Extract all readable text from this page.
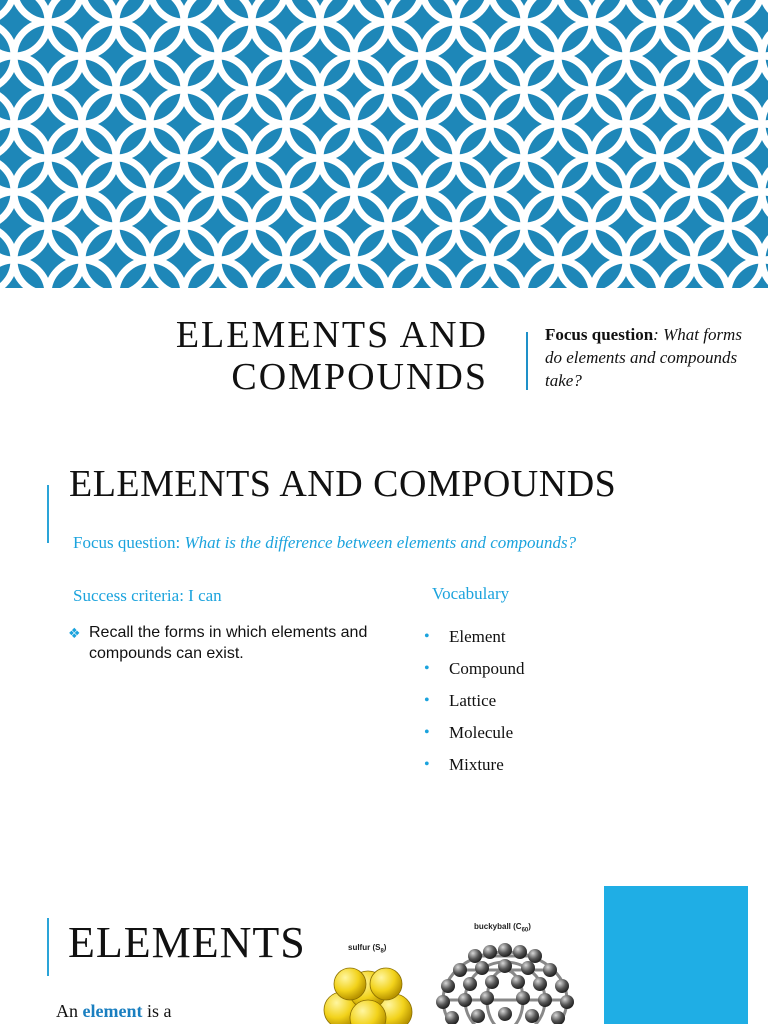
ELEMENTS AND COMPOUNDS
Focus question: What forms do elements and compounds take?
ELEMENTS AND COMPOUNDS
Focus question: What is the difference between elements and compounds?
Success criteria: I can	Vocabulary
❖ Recall the forms in which elements and compounds can exist.
• Element
• Compound
• Lattice
• Molecule
• Mixture
ELEMENTS
An element is a
sulfur $(S_8)$
buckyball $(C_{60})$
